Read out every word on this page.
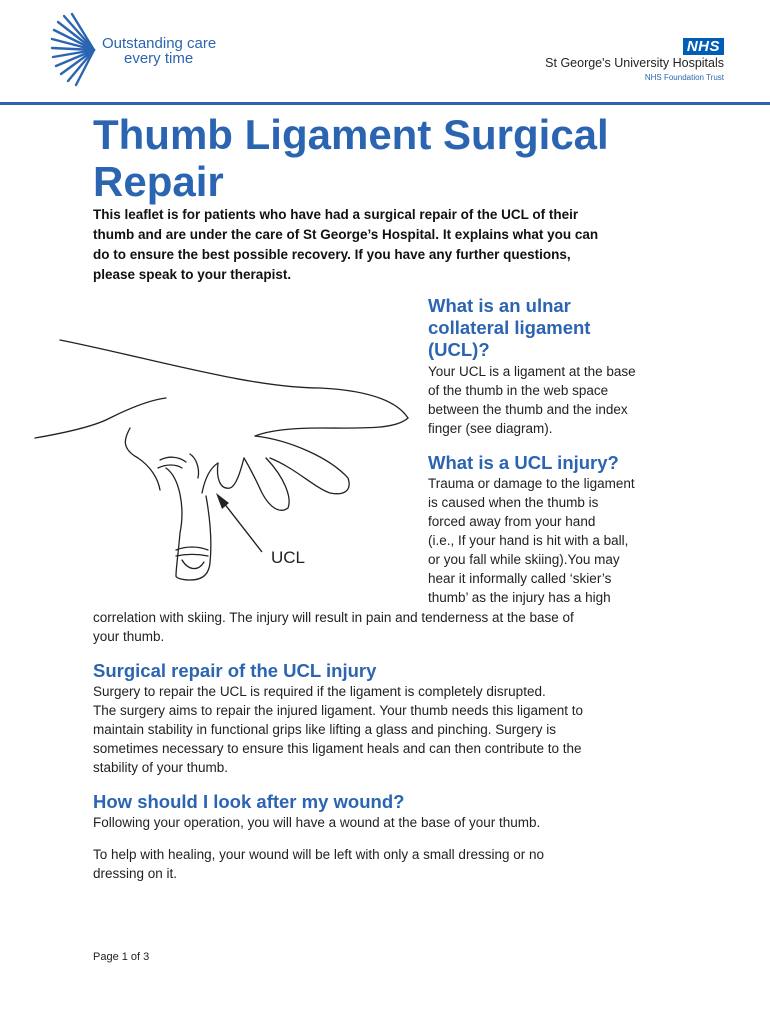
Outstanding care
every time
NHS
St George's University Hospitals
NHS Foundation Trust
Thumb Ligament Surgical
Repair
This leaflet is for patients who have had a surgical repair of the UCL of their
thumb and are under the care of St George’s Hospital. It explains what you can
do to ensure the best possible recovery. If you have any further questions,
please speak to your therapist.
UCL
What is an ulnar
collateral ligament
(UCL)?
Your UCL is a ligament at the base
of the thumb in the web space
between the thumb and the index
finger (see diagram).
What is a UCL injury?
Trauma or damage to the ligament
is caused when the thumb is
forced away from your hand
(i.e., If your hand is hit with a ball,
or you fall while skiing).You may
hear it informally called ‘skier’s
thumb’ as the injury has a high
correlation with skiing. The injury will result in pain and tenderness at the base of
your thumb.
Surgical repair of the UCL injury
Surgery to repair the UCL is required if the ligament is completely disrupted.
The surgery aims to repair the injured ligament. Your thumb needs this ligament to
maintain stability in functional grips like lifting a glass and pinching. Surgery is
sometimes necessary to ensure this ligament heals and can then contribute to the
stability of your thumb.
How should I look after my wound?
Following your operation, you will have a wound at the base of your thumb.
To help with healing, your wound will be left with only a small dressing or no
dressing on it.
Page 1 of 3
